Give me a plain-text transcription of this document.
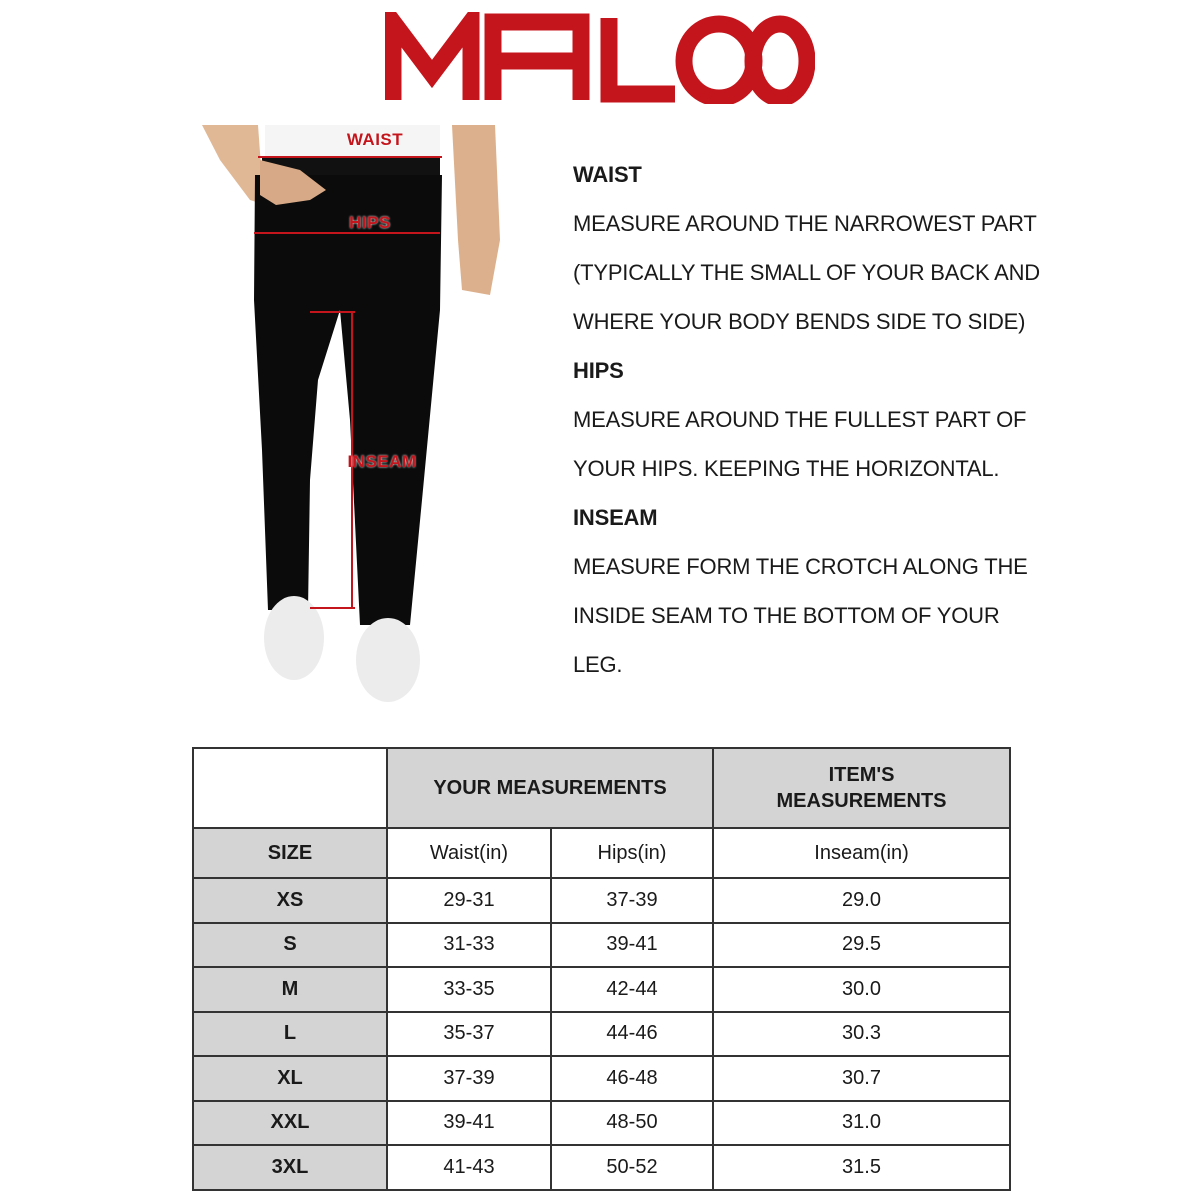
WAIST
HIPS
INSEAM
WAIST
MEASURE AROUND THE NARROWEST PART
(TYPICALLY THE SMALL OF YOUR BACK AND
WHERE YOUR BODY BENDS SIDE TO SIDE)
HIPS
MEASURE AROUND THE FULLEST PART OF
YOUR HIPS. KEEPING THE HORIZONTAL.
INSEAM
MEASURE FORM THE CROTCH ALONG THE
INSIDE SEAM TO THE BOTTOM OF YOUR
LEG.
	YOUR MEASUREMENTS		ITEM'S MEASUREMENTS
SIZE	Waist(in)	Hips(in)	Inseam(in)
XS	29-31	37-39	29.0
S	31-33	39-41	29.5
M	33-35	42-44	30.0
L	35-37	44-46	30.3
XL	37-39	46-48	30.7
XXL	39-41	48-50	31.0
3XL	41-43	50-52	31.5
